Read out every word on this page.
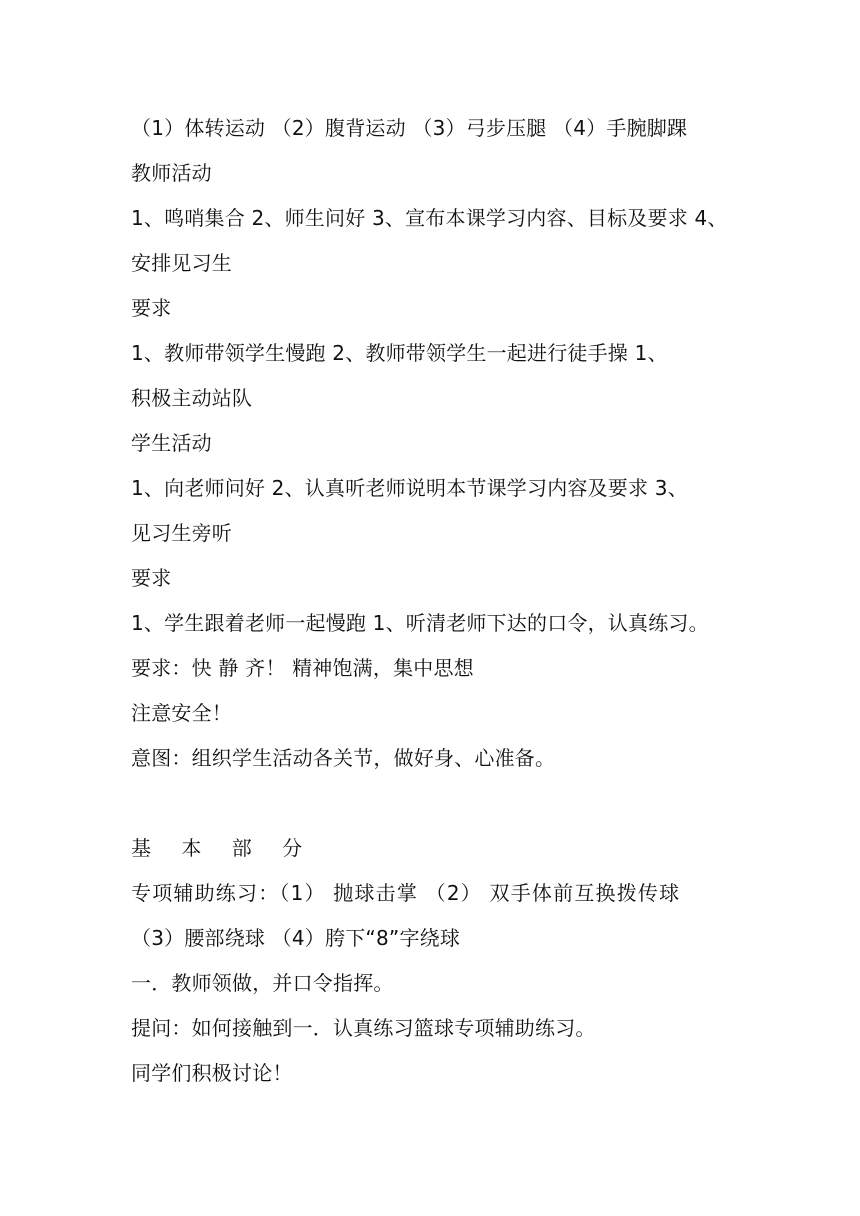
（1）体转运动 （2）腹背运动 （3）弓步压腿 （4）手腕脚踝
教师活动
1、鸣哨集合 2、师生问好 3、宣布本课学习内容、目标及要求 4、
安排见习生
要求
1、教师带领学生慢跑 2、教师带领学生一起进行徒手操 1、
积极主动站队
学生活动
1、向老师问好 2、认真听老师说明本节课学习内容及要求 3、
见习生旁听
要求
1、学生跟着老师一起慢跑 1、听清老师下达的口令，认真练习。
要求：快 静 齐！ 精神饱满，集中思想
注意安全！
意图：组织学生活动各关节，做好身、心准备。
基 本 部 分
专项辅助练习：（1） 抛球击掌 （2） 双手体前互换拨传球
（3）腰部绕球 （4）胯下“8”字绕球
一．教师领做，并口令指挥。
提问：如何接触到一．认真练习篮球专项辅助练习。
同学们积极讨论！
